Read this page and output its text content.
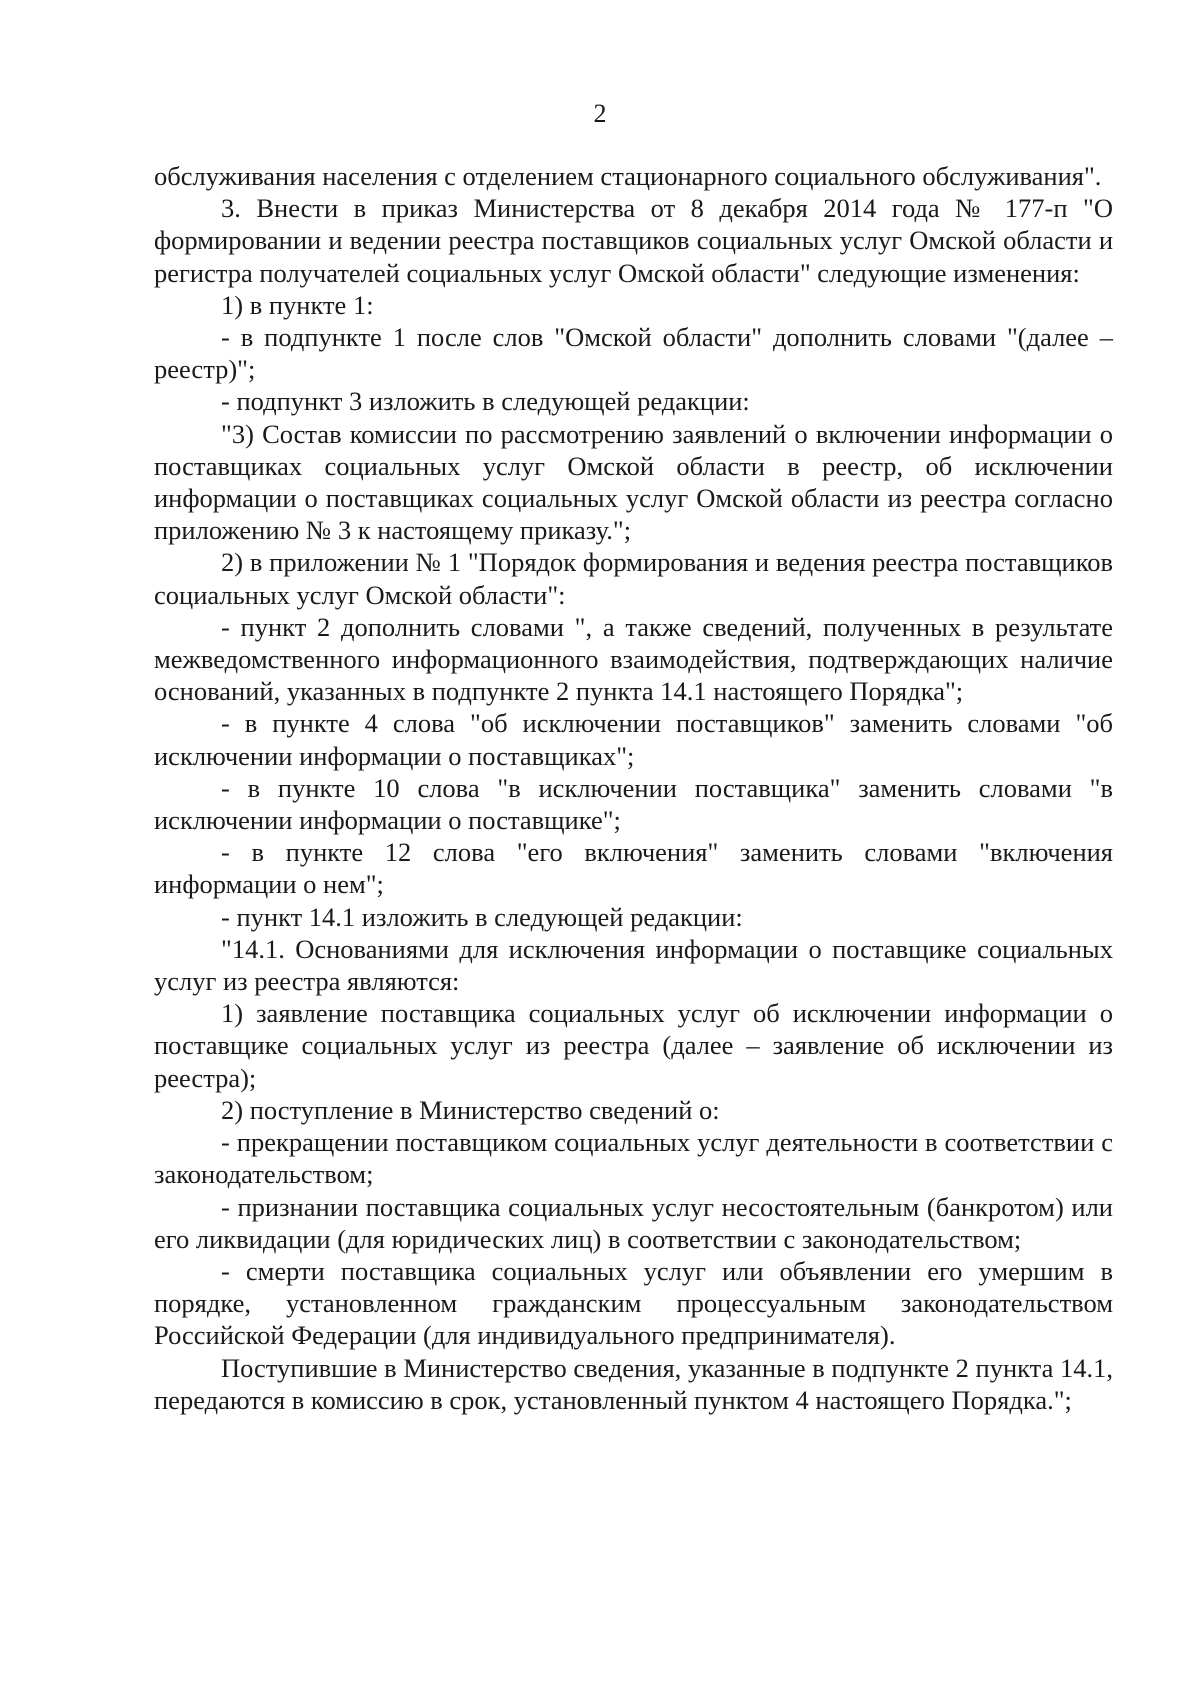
2

обслуживания населения с отделением стационарного социального обслуживания".

3. Внести в приказ Министерства от 8 декабря 2014 года № 177-п "О формировании и ведении реестра поставщиков социальных услуг Омской области и регистра получателей социальных услуг Омской области" следующие изменения:

1) в пункте 1:

- в подпункте 1 после слов "Омской области" дополнить словами "(далее – реестр)";

- подпункт 3 изложить в следующей редакции:

"3) Состав комиссии по рассмотрению заявлений о включении информации о поставщиках социальных услуг Омской области в реестр, об исключении информации о поставщиках социальных услуг Омской области из реестра согласно приложению № 3 к настоящему приказу.";

2) в приложении № 1 "Порядок формирования и ведения реестра поставщиков социальных услуг Омской области":

- пункт 2 дополнить словами ", а также сведений, полученных в результате межведомственного информационного взаимодействия, подтверждающих наличие оснований, указанных в подпункте 2 пункта 14.1 настоящего Порядка";

- в пункте 4 слова "об исключении поставщиков" заменить словами "об исключении информации о поставщиках";

- в пункте 10 слова "в исключении поставщика" заменить словами "в исключении информации о поставщике";

- в пункте 12 слова "его включения" заменить словами "включения информации о нем";

- пункт 14.1 изложить в следующей редакции:

"14.1. Основаниями для исключения информации о поставщике социальных услуг из реестра являются:

1) заявление поставщика социальных услуг об исключении информации о поставщике социальных услуг из реестра (далее – заявление об исключении из реестра);

2) поступление в Министерство сведений о:

- прекращении поставщиком социальных услуг деятельности в соответствии с законодательством;

- признании поставщика социальных услуг несостоятельным (банкротом) или его ликвидации (для юридических лиц) в соответствии с законодательством;

- смерти поставщика социальных услуг или объявлении его умершим в порядке, установленном гражданским процессуальным законодательством Российской Федерации (для индивидуального предпринимателя).

Поступившие в Министерство сведения, указанные в подпункте 2 пункта 14.1, передаются в комиссию в срок, установленный пунктом 4 настоящего Порядка.";
